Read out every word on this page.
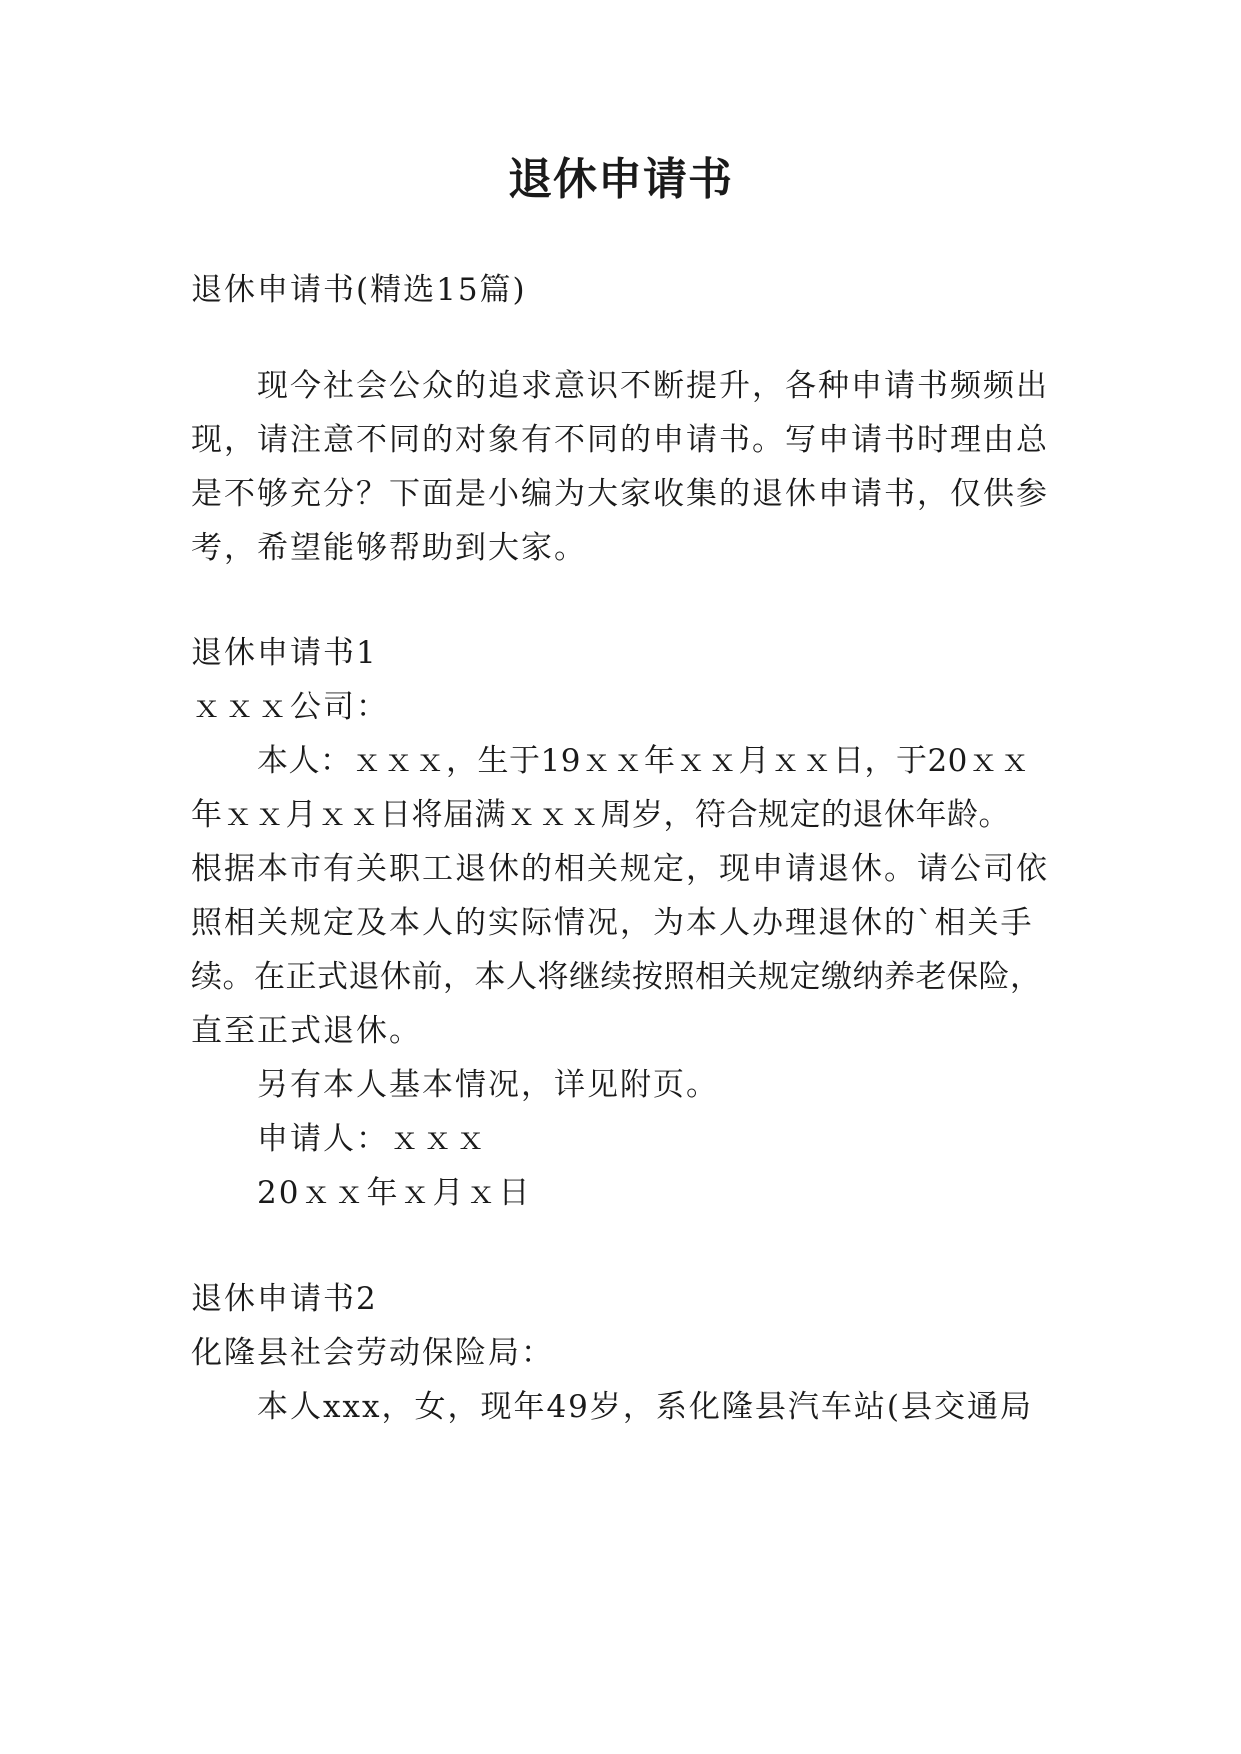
退休申请书
退休申请书(精选15篇)
现今社会公众的追求意识不断提升，各种申请书频频出
现，请注意不同的对象有不同的申请书。写申请书时理由总
是不够充分？下面是小编为大家收集的退休申请书，仅供参
考，希望能够帮助到大家。
退休申请书1
ｘｘｘ公司：
本人：ｘｘｘ，生于19ｘｘ年ｘｘ月ｘｘ日，于20ｘｘ
年ｘｘ月ｘｘ日将届满ｘｘｘ周岁，符合规定的退休年龄。
根据本市有关职工退休的相关规定，现申请退休。请公司依
照相关规定及本人的实际情况，为本人办理退休的`相关手
续。在正式退休前，本人将继续按照相关规定缴纳养老保险，
直至正式退休。
另有本人基本情况，详见附页。
申请人：ｘｘｘ
20ｘｘ年ｘ月ｘ日
退休申请书2
化隆县社会劳动保险局：
本人xxx，女，现年49岁，系化隆县汽车站(县交通局
